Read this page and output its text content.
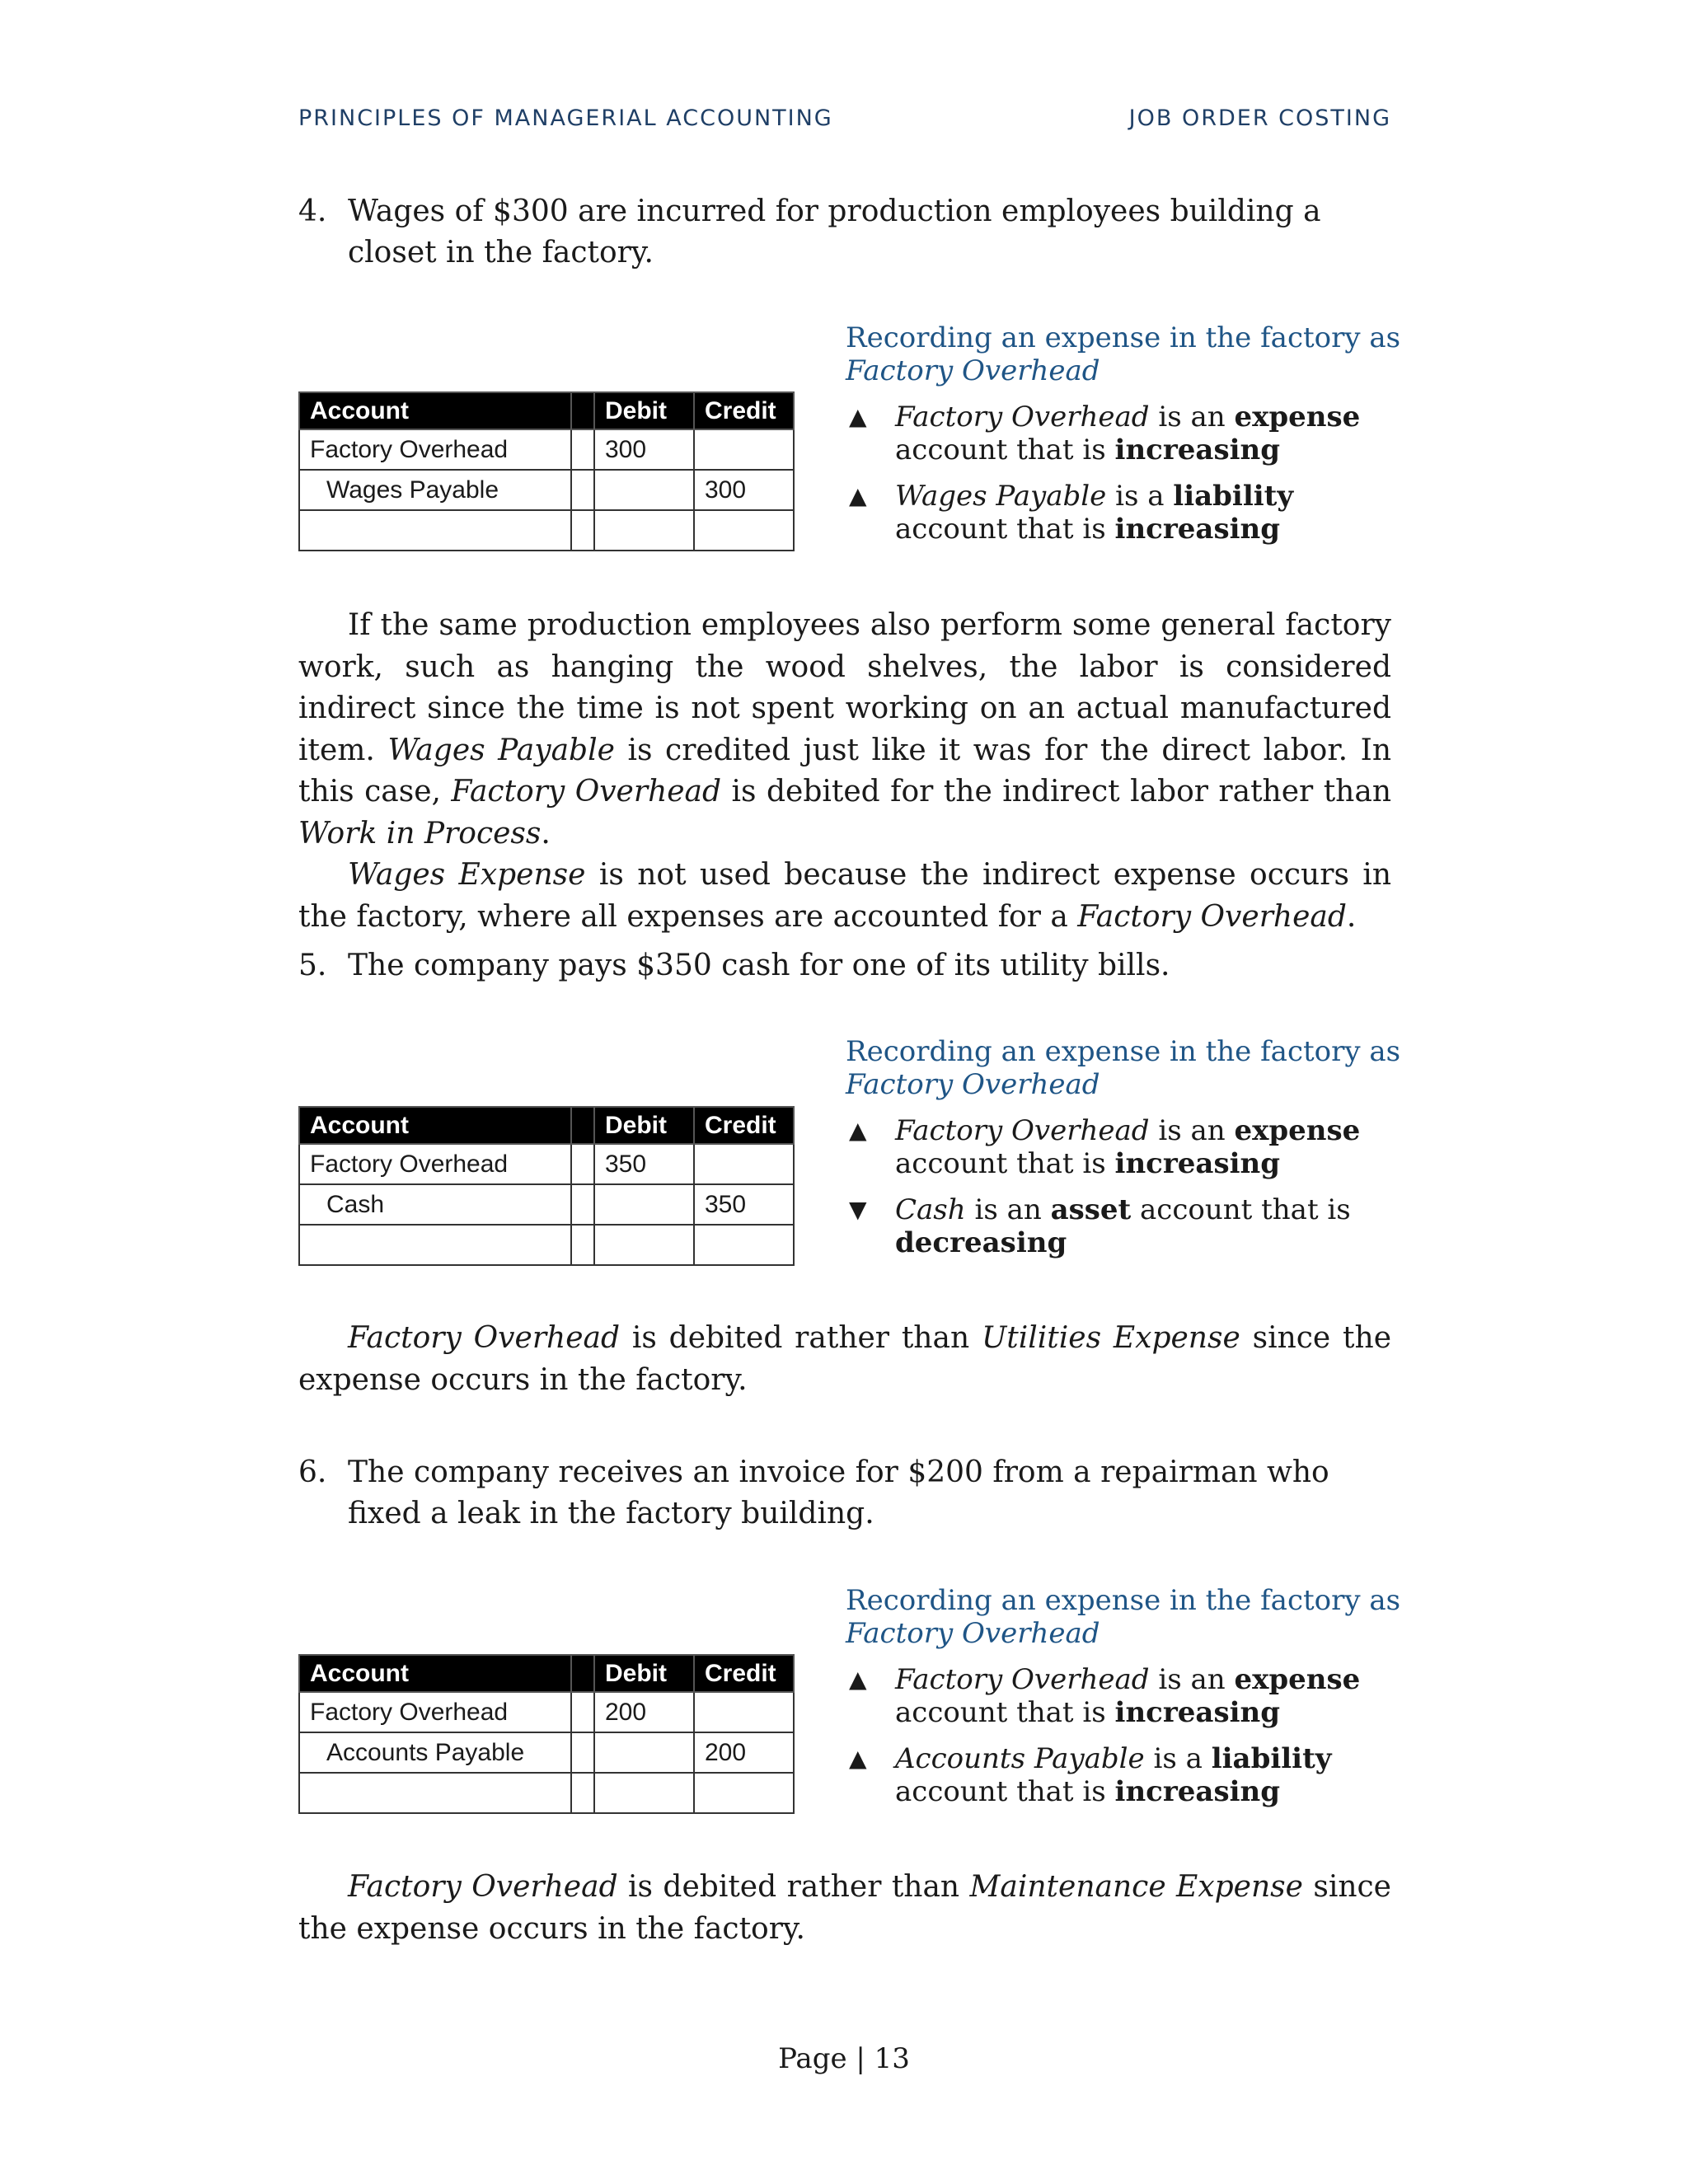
PRINCIPLES OF MANAGERIAL ACCOUNTING	JOB ORDER COSTING
4. Wages of $300 are incurred for production employees building a closet in the factory.
Account		Debit	Credit
Factory Overhead		300	
Wages Payable			300

Recording an expense in the factory as
Factory Overhead
▲ Factory Overhead is an expense account that is increasing
▲ Wages Payable is a liability account that is increasing

If the same production employees also perform some general factory work, such as hanging the wood shelves, the labor is considered indirect since the time is not spent working on an actual manufactured item. Wages Payable is credited just like it was for the direct labor. In this case, Factory Overhead is debited for the indirect labor rather than Work in Process.

Wages Expense is not used because the indirect expense occurs in the factory, where all expenses are accounted for a Factory Overhead.

5. The company pays $350 cash for one of its utility bills.
Account		Debit	Credit
Factory Overhead		350	
Cash			350

Recording an expense in the factory as
Factory Overhead
▲ Factory Overhead is an expense account that is increasing
▼ Cash is an asset account that is decreasing

Factory Overhead is debited rather than Utilities Expense since the expense occurs in the factory.

6. The company receives an invoice for $200 from a repairman who fixed a leak in the factory building.
Account		Debit	Credit
Factory Overhead		200	
Accounts Payable			200

Recording an expense in the factory as
Factory Overhead
▲ Factory Overhead is an expense account that is increasing
▲ Accounts Payable is a liability account that is increasing

Factory Overhead is debited rather than Maintenance Expense since the expense occurs in the factory.

Page | 13
